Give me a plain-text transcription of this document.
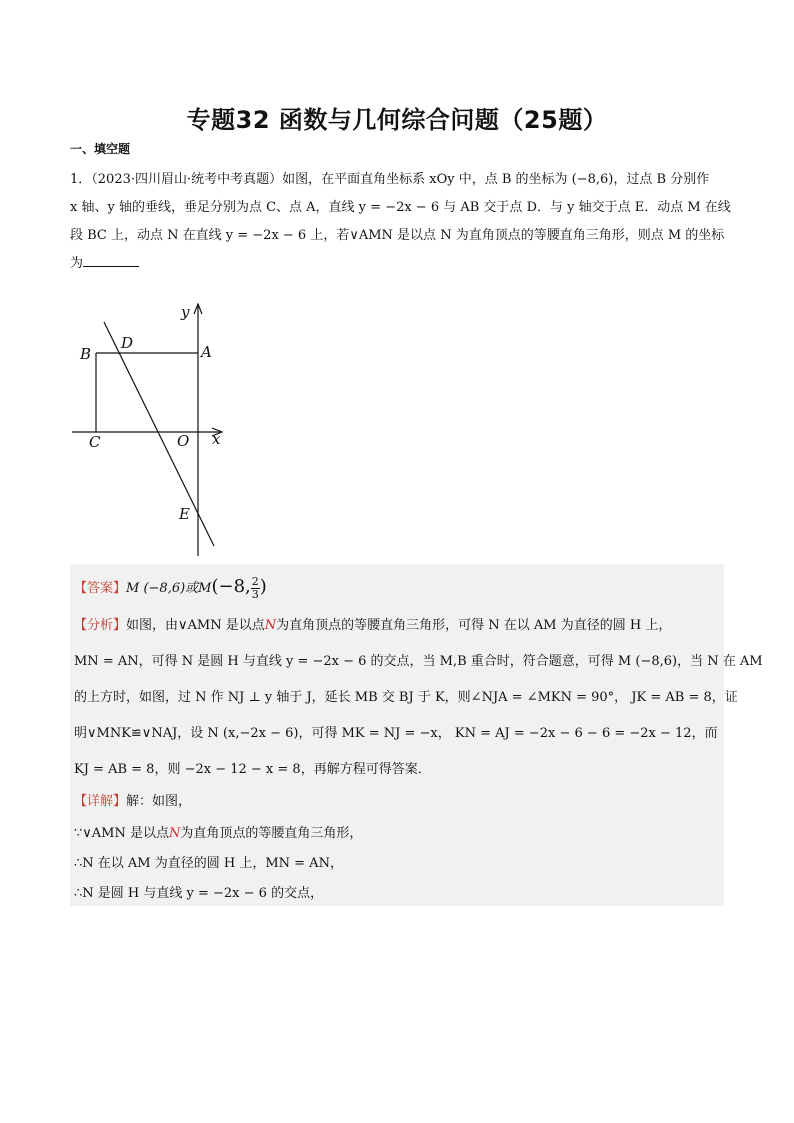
专题32 函数与几何综合问题（25题）
一、填空题
1．（2023·四川眉山·统考中考真题）如图，在平面直角坐标系 xOy 中，点 B 的坐标为 (−8,6)，过点 B 分别作
x 轴、y 轴的垂线，垂足分别为点 C、点 A，直线 y = −2x − 6 与 AB 交于点 D．与 y 轴交于点 E．动点 M 在线
段 BC 上，动点 N 在直线 y = −2x − 6 上，若∨AMN 是以点 N 为直角顶点的等腰直角三角形，则点 M 的坐标
为
y
x
B
D	A
C	O
E
【答案】M (−8,6)或M(−8, $\frac{2}{3}$ )
【分析】如图，由∨AMN 是以点N为直角顶点的等腰直角三角形，可得 N 在以 AM 为直径的圆 H 上，
MN = AN，可得 N 是圆 H 与直线 y = −2x − 6 的交点，当 M,B 重合时，符合题意，可得 M (−8,6)，当 N 在 AM
的上方时，如图，过 N 作 NJ ⊥ y 轴于 J，延长 MB 交 BJ 于 K，则∠NJA = ∠MKN = 90°， JK = AB = 8，证
明∨MNK≌∨NAJ，设 N (x,−2x − 6)，可得 MK = NJ = −x， KN = AJ = −2x − 6 − 6 = −2x − 12，而
KJ = AB = 8，则 −2x − 12 − x = 8，再解方程可得答案．
【详解】解：如图，
∵∨AMN 是以点N为直角顶点的等腰直角三角形，
∴N 在以 AM 为直径的圆 H 上，MN = AN，
∴N 是圆 H 与直线 y = −2x − 6 的交点，
